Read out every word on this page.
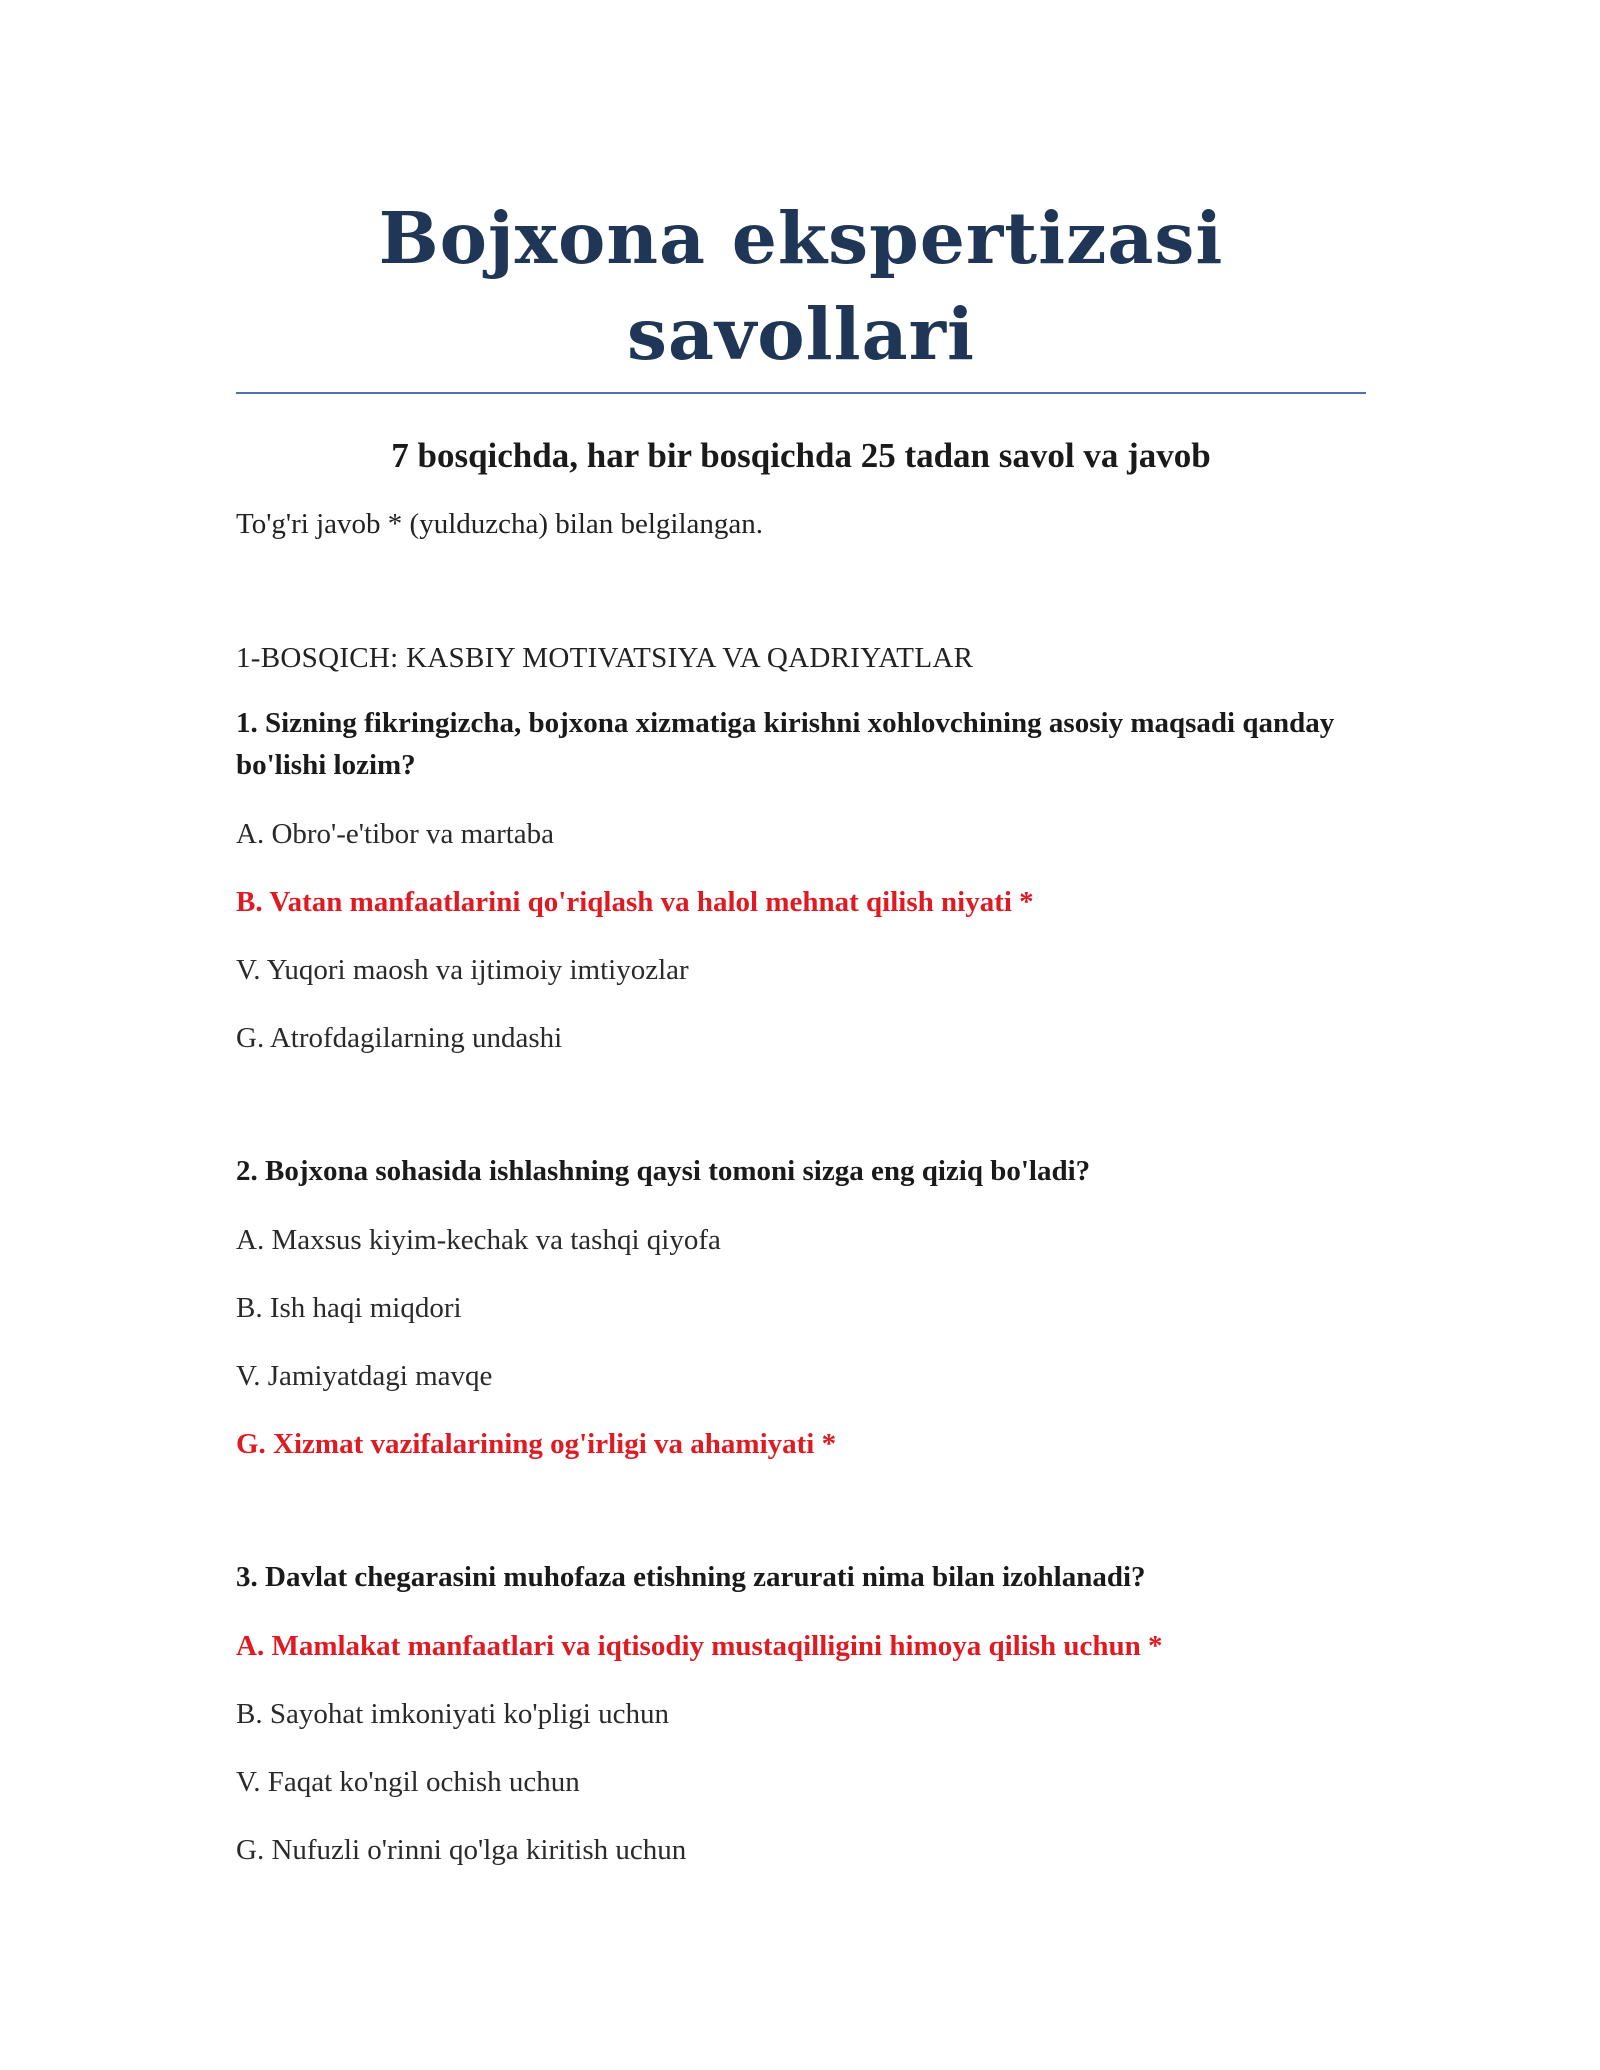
Bojxona ekspertizasi savollari

7 bosqichda, har bir bosqichda 25 tadan savol va javob

To'g'ri javob * (yulduzcha) bilan belgilangan.

1-BOSQICH: KASBIY MOTIVATSIYA VA QADRIYATLAR

1. Sizning fikringizcha, bojxona xizmatiga kirishni xohlovchining asosiy maqsadi qanday bo'lishi lozim?

A. Obro'-e'tibor va martaba

B. Vatan manfaatlarini qo'riqlash va halol mehnat qilish niyati *

V. Yuqori maosh va ijtimoiy imtiyozlar

G. Atrofdagilarning undashi

2. Bojxona sohasida ishlashning qaysi tomoni sizga eng qiziq bo'ladi?

A. Maxsus kiyim-kechak va tashqi qiyofa

B. Ish haqi miqdori

V. Jamiyatdagi mavqe

G. Xizmat vazifalarining og'irligi va ahamiyati *

3. Davlat chegarasini muhofaza etishning zarurati nima bilan izohlanadi?

A. Mamlakat manfaatlari va iqtisodiy mustaqilligini himoya qilish uchun *

B. Sayohat imkoniyati ko'pligi uchun

V. Faqat ko'ngil ochish uchun

G. Nufuzli o'rinni qo'lga kiritish uchun
